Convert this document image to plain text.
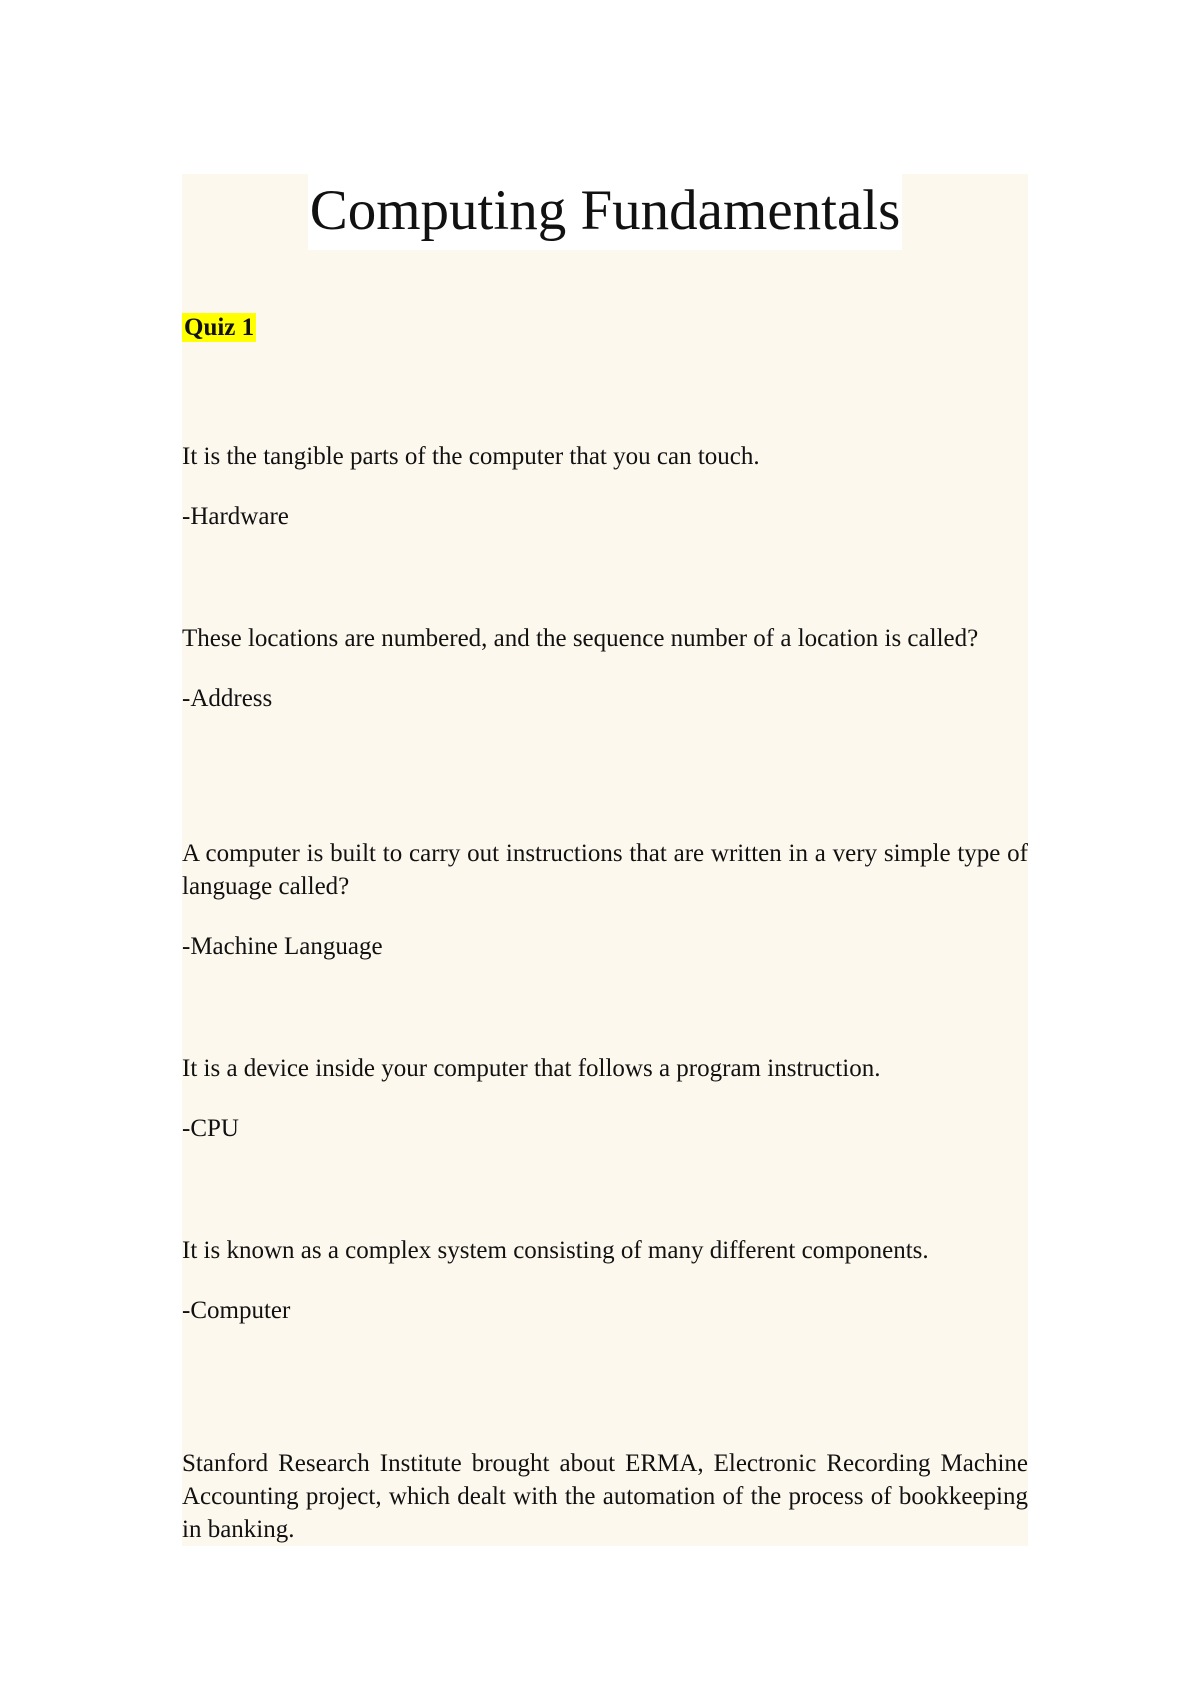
Computing Fundamentals

Quiz 1

It is the tangible parts of the computer that you can touch.

-Hardware

These locations are numbered, and the sequence number of a location is called?

-Address

A computer is built to carry out instructions that are written in a very simple type of language called?

-Machine Language

It is a device inside your computer that follows a program instruction.

-CPU

It is known as a complex system consisting of many different components.

-Computer

Stanford Research Institute brought about ERMA, Electronic Recording Machine Accounting project, which dealt with the automation of the process of bookkeeping in banking.
